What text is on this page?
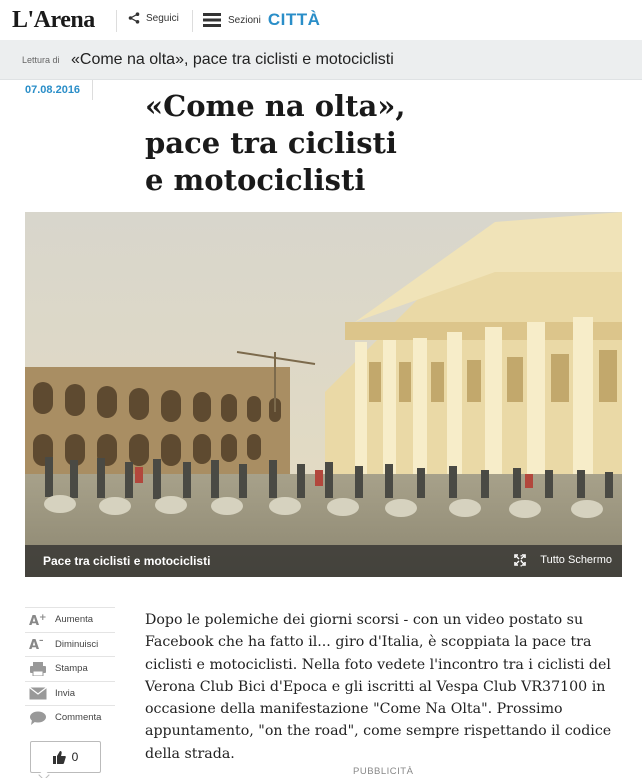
L'Arena	Seguici	Sezioni CITTÀ
Lettura di «Come na olta», pace tra ciclisti e motociclisti
07.08.2016 «Come na olta»,
pace tra ciclisti
e motociclisti
Pace tra ciclisti e motociclisti	⋮ Tutto Schermo
A + Aumenta
A – Diminuisci
Stampa
Invia
Commenta
0

Dopo le polemiche dei giorni scorsi - con un video postato su Facebook che ha fatto il... giro d'Italia, è scoppiata la pace tra ciclisti e motociclisti. Nella foto vedete l'incontro tra i ciclisti del Verona Club Bici d'Epoca e gli iscritti al Vespa Club VR37100 in occasione della manifestazione "Come Na Olta". Prossimo appuntamento, "on the road", come sempre rispettando il codice della strada.

PUBBLICITÀ
